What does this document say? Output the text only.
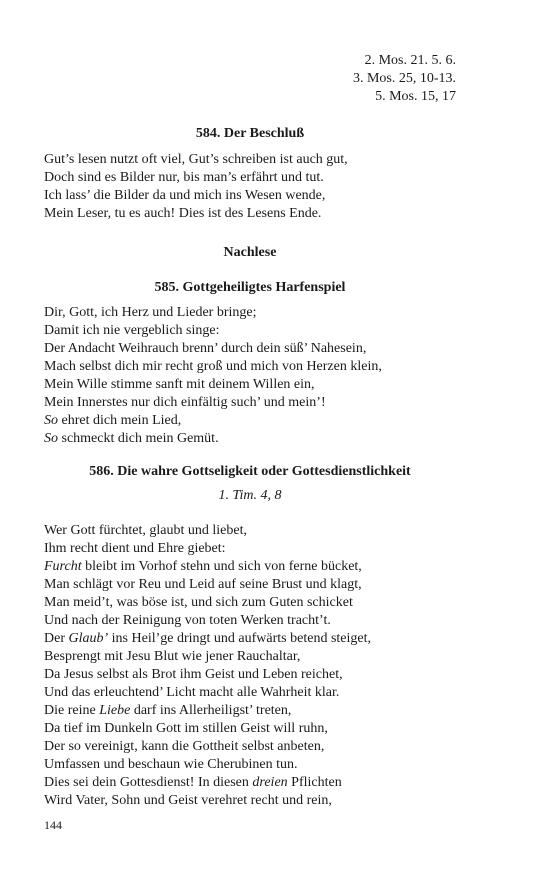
2. Mos. 21. 5. 6.
3. Mos. 25, 10-13.
5. Mos. 15, 17
584. Der Beschluß
Gut’s lesen nutzt oft viel, Gut’s schreiben ist auch gut,
Doch sind es Bilder nur, bis man’s erfährt und tut.
Ich lass’ die Bilder da und mich ins Wesen wende,
Mein Leser, tu es auch! Dies ist des Lesens Ende.
Nachlese
585. Gottgeheiligtes Harfenspiel
Dir, Gott, ich Herz und Lieder bringe;
Damit ich nie vergeblich singe:
Der Andacht Weihrauch brenn’ durch dein süß’ Nahesein,
Mach selbst dich mir recht groß und mich von Herzen klein,
Mein Wille stimme sanft mit deinem Willen ein,
Mein Innerstes nur dich einfältig such’ und mein’!
So ehret dich mein Lied,
So schmeckt dich mein Gemüt.
586. Die wahre Gottseligkeit oder Gottesdienstlichkeit
1. Tim. 4, 8
Wer Gott fürchtet, glaubt und liebet,
Ihm recht dient und Ehre giebet:
Furcht bleibt im Vorhof stehn und sich von ferne bücket,
Man schlägt vor Reu und Leid auf seine Brust und klagt,
Man meid’t, was böse ist, und sich zum Guten schicket
Und nach der Reinigung von toten Werken tracht’t.
Der Glaub’ ins Heil’ge dringt und aufwärts betend steiget,
Besprengt mit Jesu Blut wie jener Rauchaltar,
Da Jesus selbst als Brot ihm Geist und Leben reichet,
Und das erleuchtend’ Licht macht alle Wahrheit klar.
Die reine Liebe darf ins Allerheiligst’ treten,
Da tief im Dunkeln Gott im stillen Geist will ruhn,
Der so vereinigt, kann die Gottheit selbst anbeten,
Umfassen und beschaun wie Cherubinen tun.
Dies sei dein Gottesdienst! In diesen dreien Pflichten
Wird Vater, Sohn und Geist verehret recht und rein,
144
